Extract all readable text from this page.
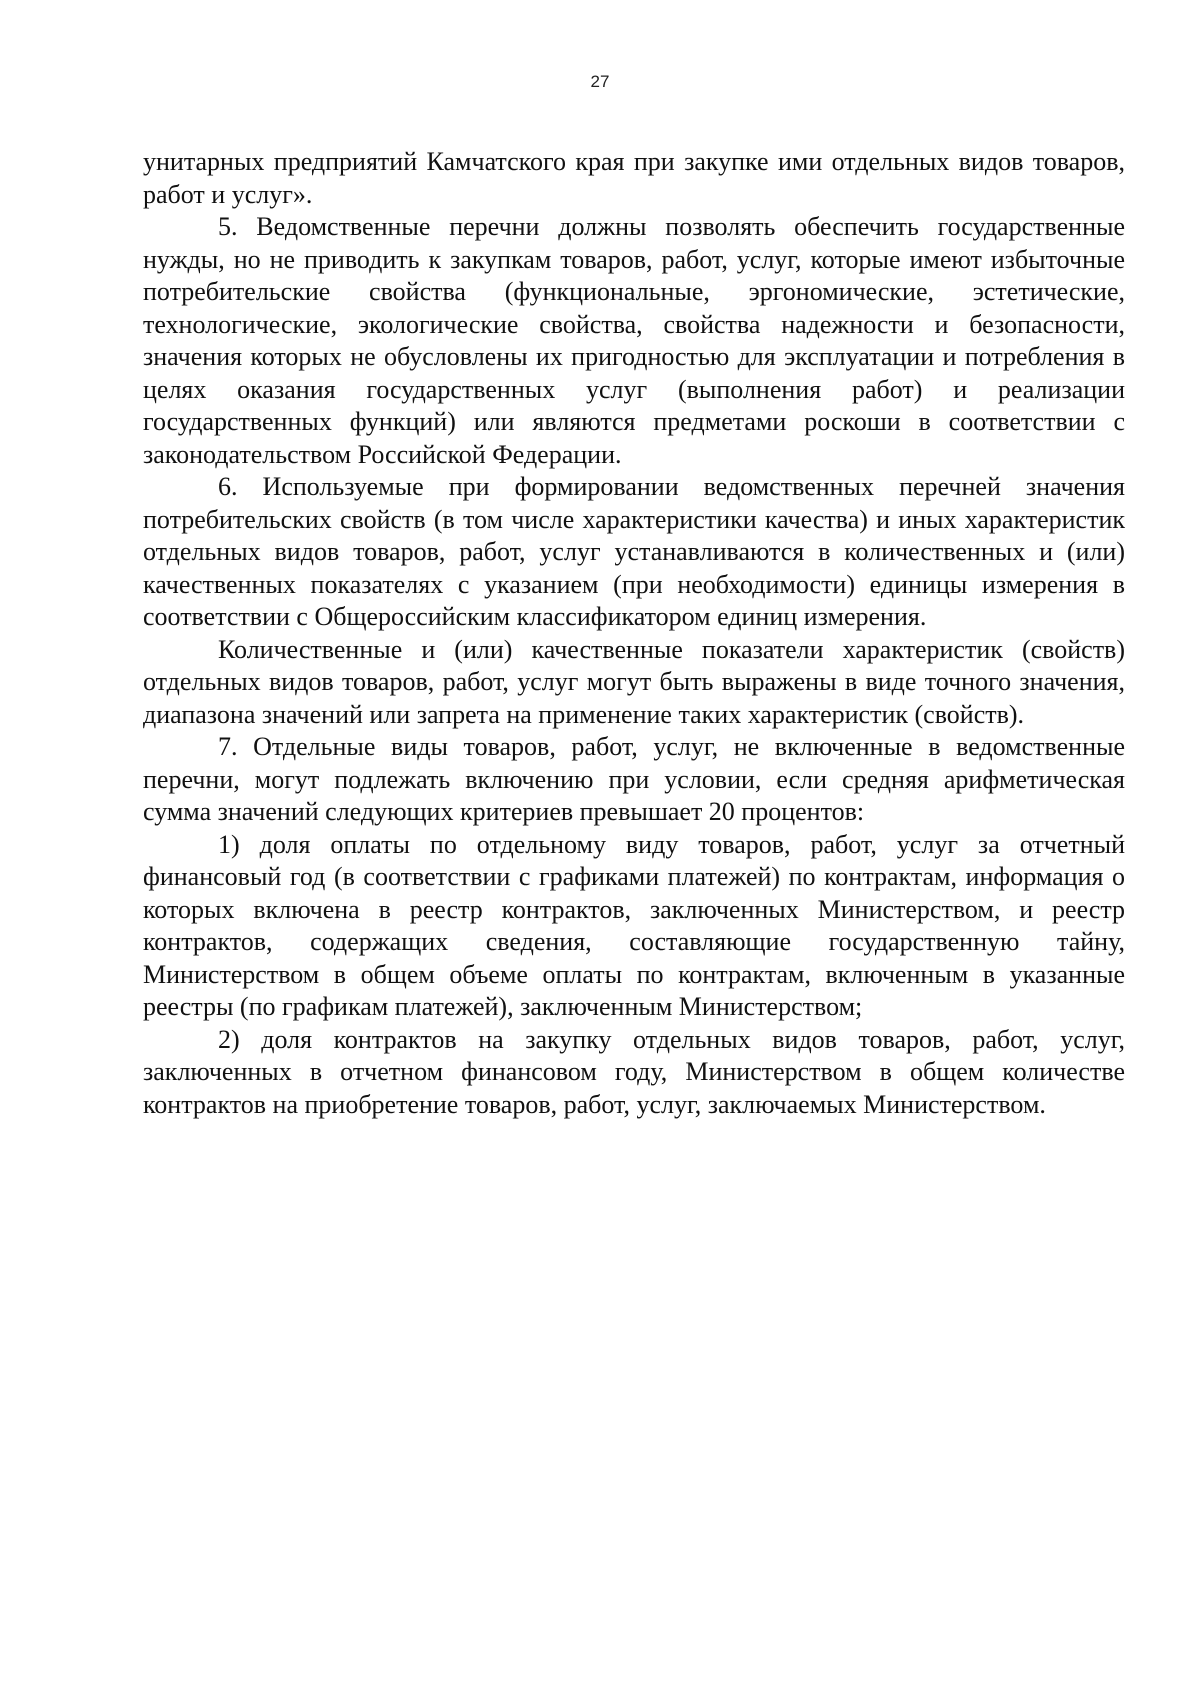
27

унитарных предприятий Камчатского края при закупке ими отдельных видов товаров, работ и услуг».

5. Ведомственные перечни должны позволять обеспечить государственные нужды, но не приводить к закупкам товаров, работ, услуг, которые имеют избыточные потребительские свойства (функциональные, эргономические, эстетические, технологические, экологические свойства, свойства надежности и безопасности, значения которых не обусловлены их пригодностью для эксплуатации и потребления в целях оказания государственных услуг (выполнения работ) и реализации государственных функций) или являются предметами роскоши в соответствии с законодательством Российской Федерации.

6. Используемые при формировании ведомственных перечней значения потребительских свойств (в том числе характеристики качества) и иных характеристик отдельных видов товаров, работ, услуг устанавливаются в количественных и (или) качественных показателях с указанием (при необходимости) единицы измерения в соответствии с Общероссийским классификатором единиц измерения.

Количественные и (или) качественные показатели характеристик (свойств) отдельных видов товаров, работ, услуг могут быть выражены в виде точного значения, диапазона значений или запрета на применение таких характеристик (свойств).

7. Отдельные виды товаров, работ, услуг, не включенные в ведомственные перечни, могут подлежать включению при условии, если средняя арифметическая сумма значений следующих критериев превышает 20 процентов:

1) доля оплаты по отдельному виду товаров, работ, услуг за отчетный финансовый год (в соответствии с графиками платежей) по контрактам, информация о которых включена в реестр контрактов, заключенных Министерством, и реестр контрактов, содержащих сведения, составляющие государственную тайну, Министерством в общем объеме оплаты по контрактам, включенным в указанные реестры (по графикам платежей), заключенным Министерством;

2) доля контрактов на закупку отдельных видов товаров, работ, услуг, заключенных в отчетном финансовом году, Министерством в общем количестве контрактов на приобретение товаров, работ, услуг, заключаемых Министерством.
